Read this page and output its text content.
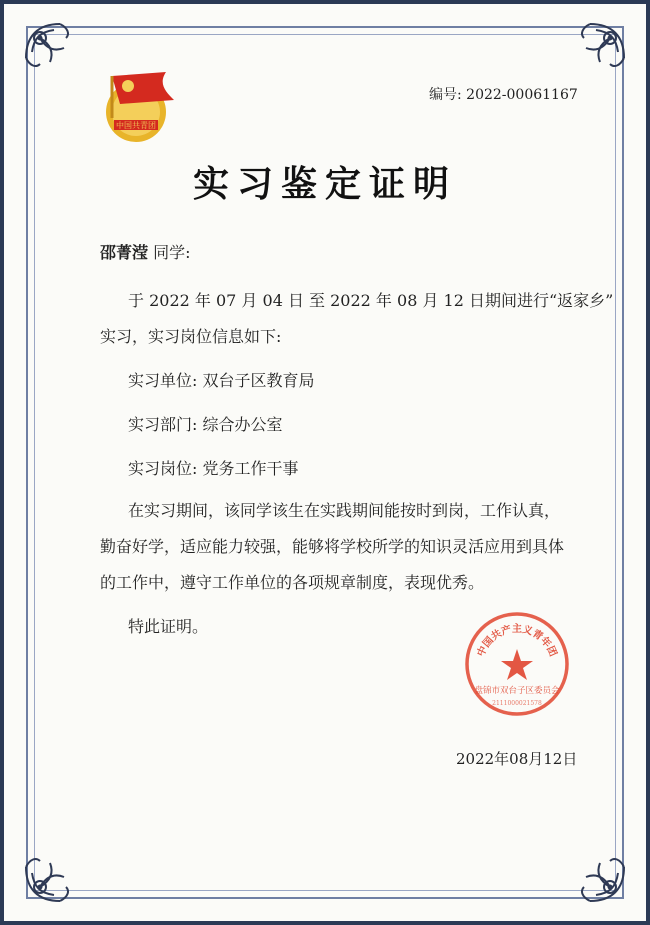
中国共青团
编号: 2022-00061167
实习鉴定证明
邵菁滢 同学:
于 2022 年 07 月 04 日 至 2022 年 08 月 12 日期间进行“返家乡”
实习，实习岗位信息如下:
实习单位: 双台子区教育局
实习部门: 综合办公室
实习岗位: 党务工作干事
在实习期间，该同学该生在实践期间能按时到岗，工作认真，
勤奋好学，适应能力较强，能够将学校所学的知识灵活应用到具体
的工作中，遵守工作单位的各项规章制度，表现优秀。
特此证明。
中国共产主义青年团
盘锦市双台子区委员会
2111000021578
2022年08月12日
